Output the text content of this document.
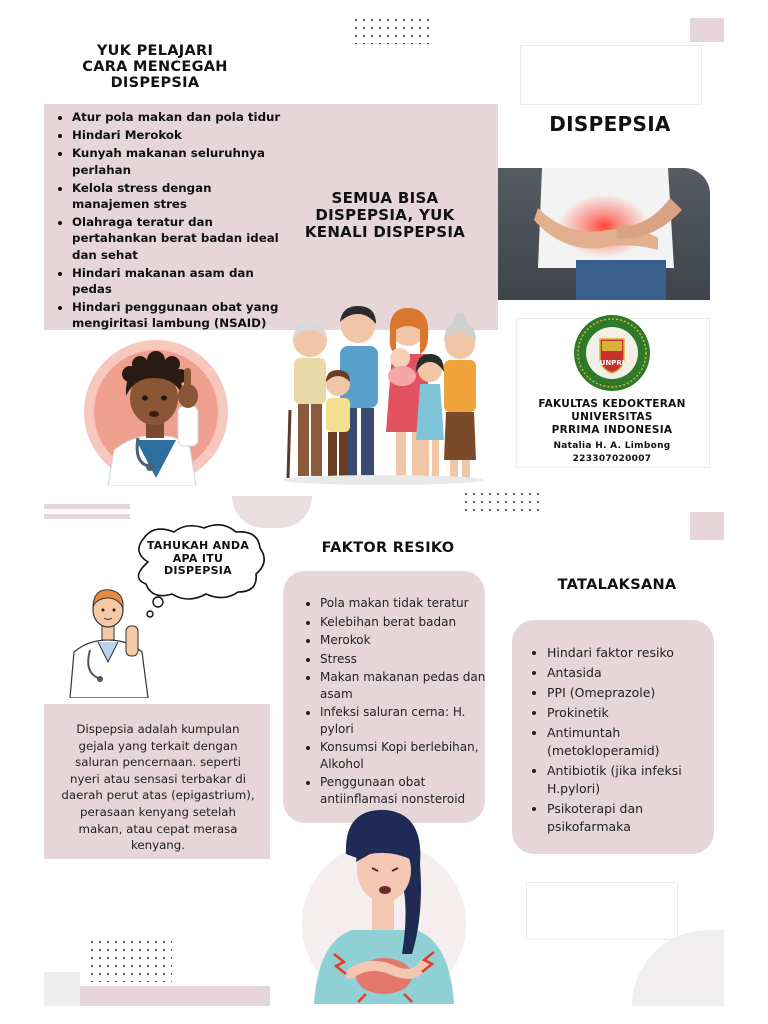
YUK PELAJARI
CARA MENCEGAH
DISPEPSIA
• Atur pola makan dan pola tidur
• Hindari Merokok
• Kunyah makanan seluruhnya perlahan
• Kelola stress dengan manajemen stres
• Olahraga teratur dan pertahankan berat badan ideal dan sehat
• Hindari makanan asam dan pedas
• Hindari penggunaan obat yang mengiritasi lambung (NSAID)
SEMUA BISA
DISPEPSIA, YUK
KENALI DISPEPSIA
DISPEPSIA
UNPRI
FAKULTAS KEDOKTERAN
UNIVERSITAS
PRRIMA INDONESIA
Natalia H. A. Limbong
223307020007
TAHUKAH ANDA
APA ITU
DISPEPSIA
Dispepsia adalah kumpulan gejala yang terkait dengan saluran pencernaan. seperti nyeri atau sensasi terbakar di daerah perut atas (epigastrium), perasaan kenyang setelah makan, atau cepat merasa kenyang.
FAKTOR RESIKO
• Pola makan tidak teratur
• Kelebihan berat badan
• Merokok
• Stress
• Makan makanan pedas dan asam
• Infeksi saluran cerna: H. pylori
• Konsumsi Kopi berlebihan, Alkohol
• Penggunaan obat antiinflamasi nonsteroid
TATALAKSANA
• Hindari faktor resiko
• Antasida
• PPI (Omeprazole)
• Prokinetik
• Antimuntah (metokloperamid)
• Antibiotik (jika infeksi H.pylori)
• Psikoterapi dan psikofarmaka
